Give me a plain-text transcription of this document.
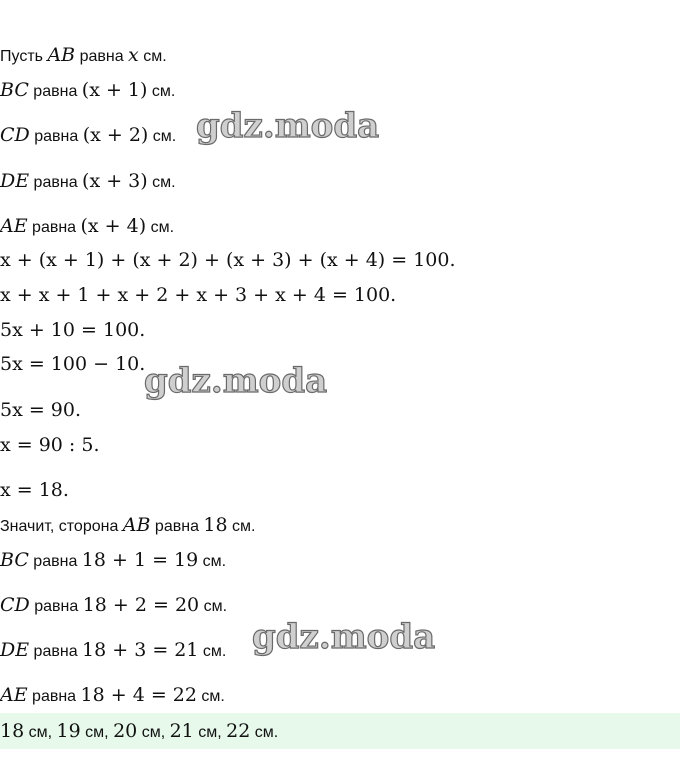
Пусть AB равна x см.
BC равна (x + 1) см.
CD равна (x + 2) см.
DE равна (x + 3) см.
AE равна (x + 4) см.
x + (x + 1) + (x + 2) + (x + 3) + (x + 4) = 100.
x + x + 1 + x + 2 + x + 3 + x + 4 = 100.
5x + 10 = 100.
5x = 100 − 10.
5x = 90.
x = 90 : 5.
x = 18.
Значит, сторона AB равна 18 см.
BC равна 18 + 1 = 19 см.
CD равна 18 + 2 = 20 см.
DE равна 18 + 3 = 21 см.
AE равна 18 + 4 = 22 см.
18 см, 19 см, 20 см, 21 см, 22 см.
gdz.moda
gdz.moda
gdz.moda
